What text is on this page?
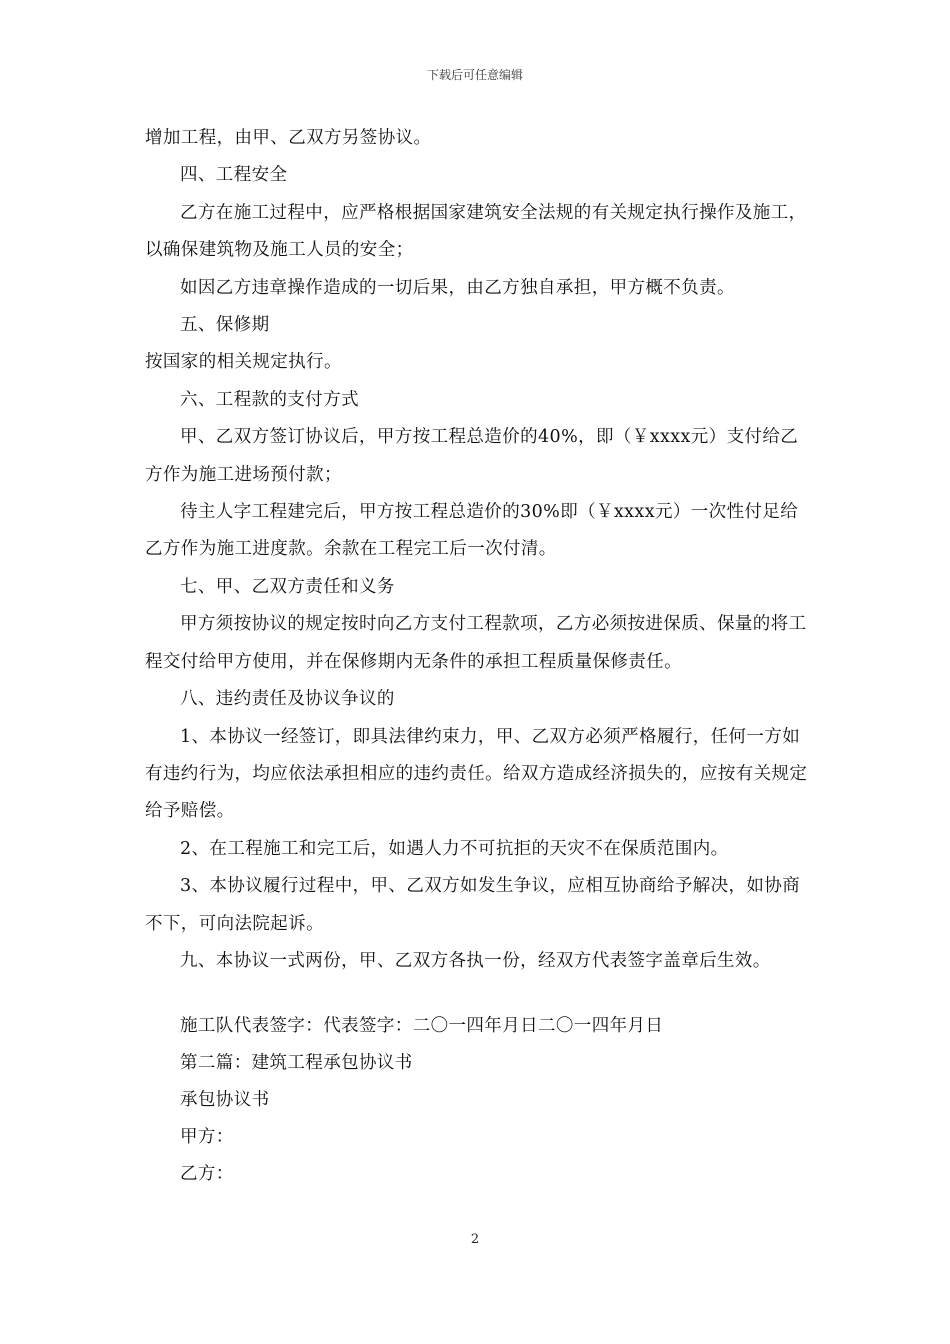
下载后可任意编辑

增加工程，由甲、乙双方另签协议。

四、工程安全

乙方在施工过程中，应严格根据国家建筑安全法规的有关规定执行操作及施工，以确保建筑物及施工人员的安全；

如因乙方违章操作造成的一切后果，由乙方独自承担，甲方概不负责。

五、保修期

按国家的相关规定执行。

六、工程款的支付方式

甲、乙双方签订协议后，甲方按工程总造价的40%，即（￥xxxx元）支付给乙方作为施工进场预付款；

待主人字工程建完后，甲方按工程总造价的30%即（￥xxxx元）一次性付足给乙方作为施工进度款。余款在工程完工后一次付清。

七、甲、乙双方责任和义务

甲方须按协议的规定按时向乙方支付工程款项，乙方必须按进保质、保量的将工程交付给甲方使用，并在保修期内无条件的承担工程质量保修责任。

八、违约责任及协议争议的

1、本协议一经签订，即具法律约束力，甲、乙双方必须严格履行，任何一方如有违约行为，均应依法承担相应的违约责任。给双方造成经济损失的，应按有关规定给予赔偿。

2、在工程施工和完工后，如遇人力不可抗拒的天灾不在保质范围内。

3、本协议履行过程中，甲、乙双方如发生争议，应相互协商给予解决，如协商不下，可向法院起诉。

九、本协议一式两份，甲、乙双方各执一份，经双方代表签字盖章后生效。

施工队代表签字：代表签字：二〇一四年月日二〇一四年月日

第二篇：建筑工程承包协议书

承包协议书

甲方：

乙方：

2
